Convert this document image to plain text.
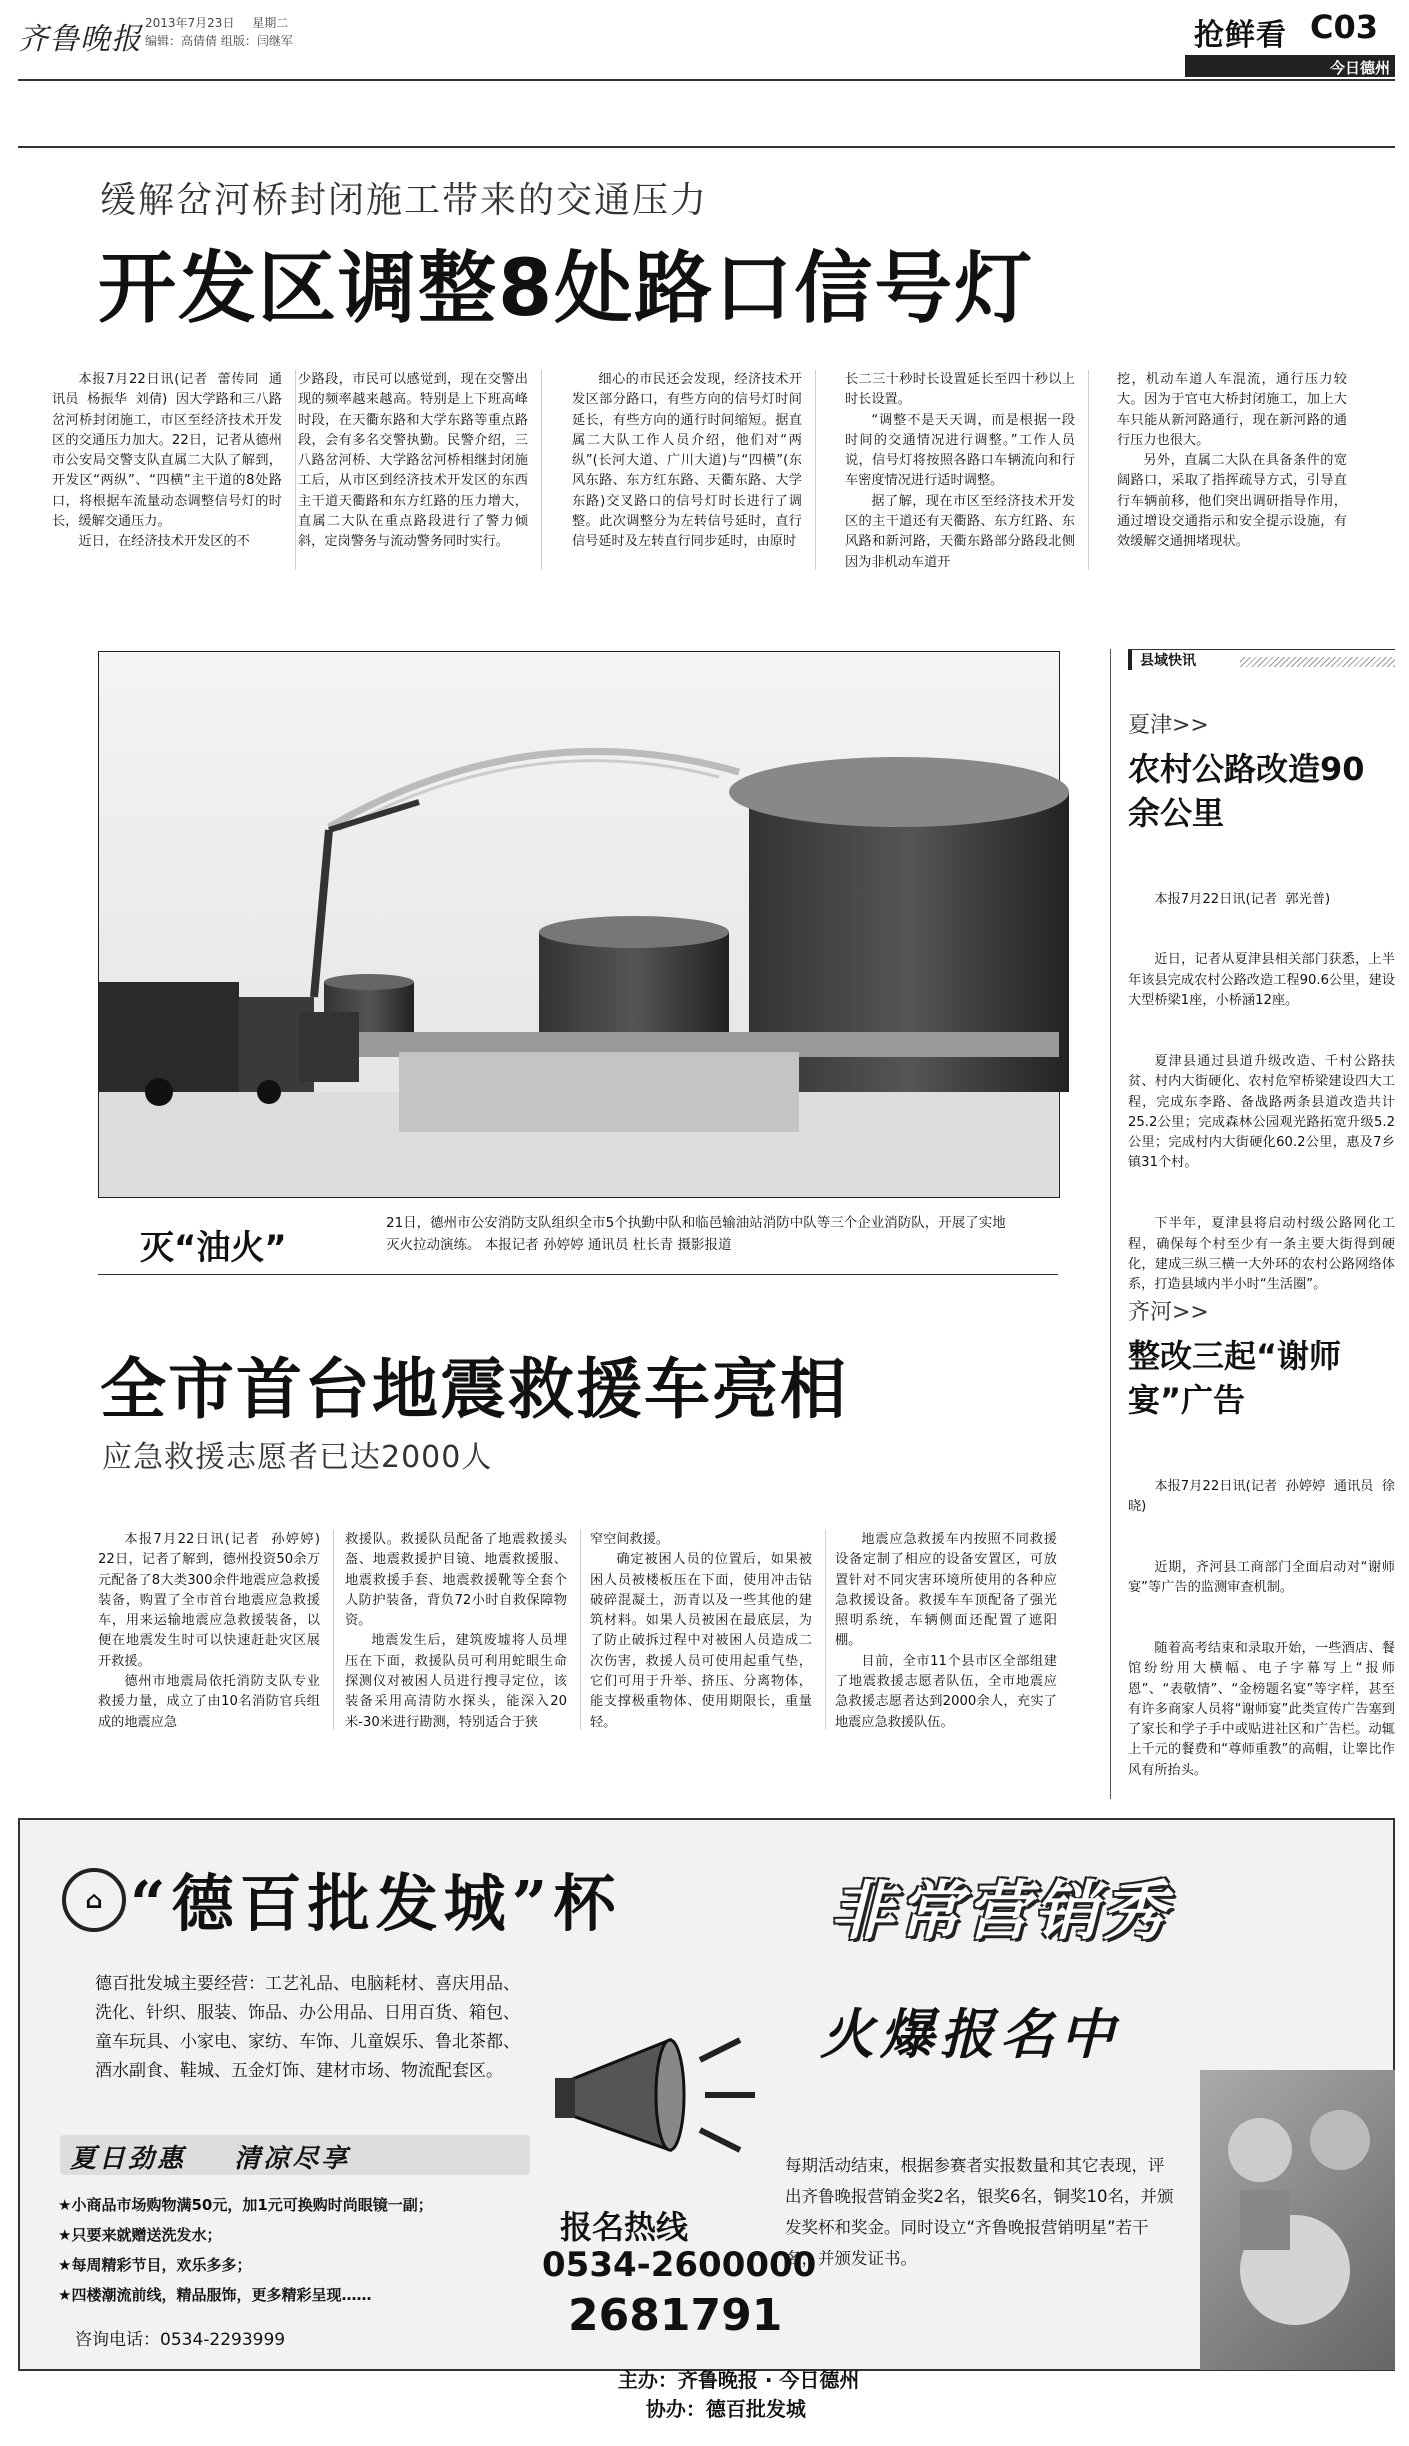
齐鲁晚报 2013年7月23日 星期二
编辑：高倩倩 组版：闫继军	抢鲜看 C03
今日德州
缓解岔河桥封闭施工带来的交通压力
开发区调整8处路口信号灯

本报7月22日讯(记者  蕾传同  通讯员  杨振华  刘倩)  因大学路和三八路岔河桥封闭施工，市区至经济技术开发区的交通压力加大。22日，记者从德州市公安局交警支队直属二大队了解到，开发区“两纵”、“四横”主干道的8处路口，将根据车流量动态调整信号灯的时长，缓解交通压力。

近日，在经济技术开发区的不

少路段，市民可以感觉到，现在交警出现的频率越来越高。特别是上下班高峰时段，在天衢东路和大学东路等重点路段，会有多名交警执勤。民警介绍，三八路岔河桥、大学路岔河桥相继封闭施工后，从市区到经济技术开发区的东西主干道天衢路和东方红路的压力增大，直属二大队在重点路段进行了警力倾斜，定岗警务与流动警务同时实行。

细心的市民还会发现，经济技术开发区部分路口，有些方向的信号灯时间延长，有些方向的通行时间缩短。据直属二大队工作人员介绍，他们对“两纵”(长河大道、广川大道)与“四横”(东风东路、东方红东路、天衢东路、大学东路)交叉路口的信号灯时长进行了调整。此次调整分为左转信号延时，直行信号延时及左转直行同步延时，由原时

长二三十秒时长设置延长至四十秒以上时长设置。

“调整不是天天调，而是根据一段时间的交通情况进行调整。”工作人员说，信号灯将按照各路口车辆流向和行车密度情况进行适时调整。

据了解，现在市区至经济技术开发区的主干道还有天衢路、东方红路、东风路和新河路，天衢东路部分路段北侧因为非机动车道开

挖，机动车道人车混流，通行压力较大。因为于官屯大桥封闭施工，加上大车只能从新河路通行，现在新河路的通行压力也很大。

另外，直属二大队在具备条件的宽阔路口，采取了指挥疏导方式，引导直行车辆前移，他们突出调研指导作用，通过增设交通指示和安全提示设施，有效缓解交通拥堵现状。

灭“油火”
21日，德州市公安消防支队组织全市5个执勤中队和临邑输油站消防中队等三个企业消防队，开展了实地灭火拉动演练。 本报记者 孙婷婷 通讯员 杜长青 摄影报道
全市首台地震救援车亮相
应急救援志愿者已达2000人

本报7月22日讯(记者  孙婷婷)  22日，记者了解到，德州投资50余万元配备了8大类300余件地震应急救援装备，购置了全市首台地震应急救援车，用来运输地震应急救援装备，以便在地震发生时可以快速赶赴灾区展开救援。

德州市地震局依托消防支队专业救援力量，成立了由10名消防官兵组成的地震应急

救援队。救援队员配备了地震救援头盔、地震救援护目镜、地震救援服、地震救援手套、地震救援靴等全套个人防护装备，背负72小时自救保障物资。

地震发生后，建筑废墟将人员埋压在下面，救援队员可利用蛇眼生命探测仪对被困人员进行搜寻定位，该装备采用高清防水探头，能深入20米-30米进行勘测，特别适合于狭

窄空间救援。

确定被困人员的位置后，如果被困人员被楼板压在下面，使用冲击钻破碎混凝土，沥青以及一些其他的建筑材料。如果人员被困在最底层，为了防止破拆过程中对被困人员造成二次伤害，救援人员可使用起重气垫，它们可用于升举、挤压、分离物体，能支撑极重物体、使用期限长，重量轻。

地震应急救援车内按照不同救援设备定制了相应的设备安置区，可放置针对不同灾害环境所使用的各种应急救援设备。救援车车顶配备了强光照明系统，车辆侧面还配置了遮阳棚。

目前，全市11个县市区全部组建了地震救援志愿者队伍，全市地震应急救援志愿者达到2000余人，充实了地震应急救援队伍。

县域快讯
夏津>>
农村公路改造90余公里

本报7月22日讯(记者  郭光普)

近日，记者从夏津县相关部门获悉，上半年该县完成农村公路改造工程90.6公里，建设大型桥梁1座，小桥涵12座。

夏津县通过县道升级改造、千村公路扶贫、村内大街硬化、农村危窄桥梁建设四大工程，完成东李路、备战路两条县道改造共计25.2公里；完成森林公园观光路拓宽升级5.2公里；完成村内大街硬化60.2公里，惠及7乡镇31个村。

下半年，夏津县将启动村级公路网化工程，确保每个村至少有一条主要大街得到硬化，建成三纵三横一大外环的农村公路网络体系，打造县域内半小时“生活圈”。

齐河>>
整改三起“谢师宴”广告

本报7月22日讯(记者  孙婷婷  通讯员  徐晓)

近期，齐河县工商部门全面启动对“谢师宴”等广告的监测审查机制。

随着高考结束和录取开始，一些酒店、餐馆纷纷用大横幅、电子字幕写上“报师恩”、“表敬情”、“金榜题名宴”等字样，甚至有许多商家人员将“谢师宴”此类宣传广告塞到了家长和学子手中或贴进社区和广告栏。动辄上千元的餐费和“尊师重教”的高帽，让睾比作风有所抬头。

⌂ “德百批发城”杯	非常营销秀
德百批发城主要经营：工艺礼品、电脑耗材、喜庆用品、洗化、针织、服装、饰品、办公用品、日用百货、箱包、童车玩具、小家电、家纺、车饰、儿童娱乐、鲁北茶都、酒水副食、鞋城、五金灯饰、建材市场、物流配套区。
夏日劲惠    清凉尽享
★小商品市场购物满50元，加1元可换购时尚眼镜一副；
★只要来就赠送洗发水；
★每周精彩节目，欢乐多多；
★四楼潮流前线，精品服饰，更多精彩呈现……
咨询电话：0534-2293999
火爆报名中
报名热线
0534-2600000
2681791
每期活动结束，根据参赛者实报数量和其它表现，评出齐鲁晚报营销金奖2名，银奖6名，铜奖10名，并颁发奖杯和奖金。同时设立“齐鲁晚报营销明星”若干名，并颁发证书。

主办：齐鲁晚报 · 今日德州
协办：德百批发城
